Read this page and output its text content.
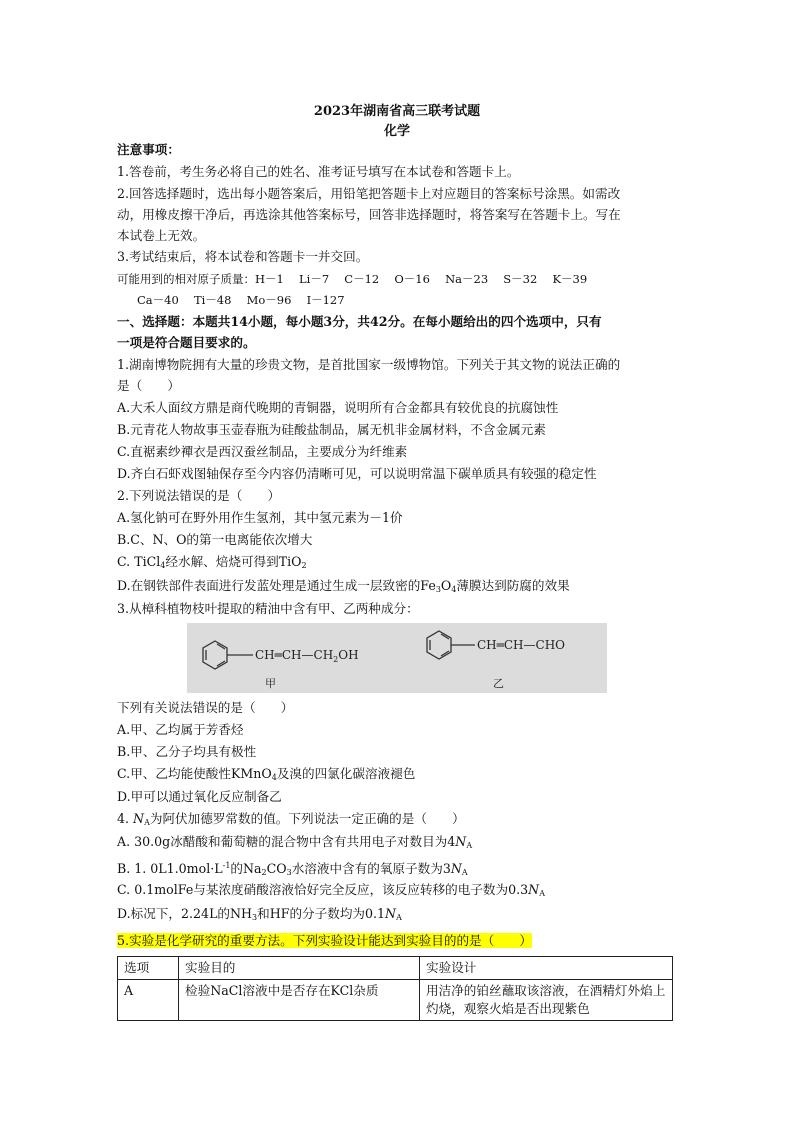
2023年湖南省高三联考试题
化学
注意事项：
1.答卷前，考生务必将自己的姓名、准考证号填写在本试卷和答题卡上。
2.回答选择题时，选出每小题答案后，用铅笔把答题卡上对应题目的答案标号涂黑。如需改
动，用橡皮擦干净后，再选涂其他答案标号，回答非选择题时，将答案写在答题卡上。写在
本试卷上无效。
3.考试结束后，将本试卷和答题卡一并交回。
可能用到的相对原子质量：H－1　 Li－7　 C－12　 O－16　 Na－23　 S－32　 K－39
Ca－40　 Ti－48　 Mo－96　 I－127
一、选择题：本题共14小题，每小题3分，共42分。在每小题给出的四个选项中，只有
一项是符合题目要求的。
1.湖南博物院拥有大量的珍贵文物，是首批国家一级博物馆。下列关于其文物的说法正确的
是（　　）
A.大禾人面纹方鼎是商代晚期的青铜器，说明所有合金都具有较优良的抗腐蚀性
B.元青花人物故事玉壶春瓶为硅酸盐制品，属无机非金属材料，不含金属元素
C.直裾素纱襌衣是西汉蚕丝制品，主要成分为纤维素
D.齐白石虾戏图轴保存至今内容仍清晰可见，可以说明常温下碳单质具有较强的稳定性
2.下列说法错误的是（　　）
A.氢化钠可在野外用作生氢剂，其中氢元素为－1价
B.C、N、O的第一电离能依次增大
C. TiCl$_4$经水解、焙烧可得到TiO$_2$
D.在钢铁部件表面进行发蓝处理是通过生成一层致密的$Fe_3O_4$薄膜达到防腐的效果
3.从樟科植物枝叶提取的精油中含有甲、乙两种成分：
$CH═CH—CH_2OH$
甲
CH═CH—CHO
乙
下列有关说法错误的是（　　）
A.甲、乙均属于芳香烃
B.甲、乙分子均具有极性
C.甲、乙均能使酸性KMnO$_4$及溴的四氯化碳溶液褪色
D.甲可以通过氧化反应制备乙
4. $N_A$为阿伏加德罗常数的值。下列说法一定正确的是（　　）
A. 30.0g冰醋酸和葡萄糖的混合物中含有共用电子对数目为$4N_A$
B. 1. $0L1.0mol\cdot L^{-1}$的$Na_2CO_3$水溶液中含有的氧原子数为$3N_A$
C. 0.1molFe与某浓度硝酸溶液恰好完全反应，该反应转移的电子数为$0.3N_A$
D.标况下，2.24L的$NH_3$和HF的分子数均为$0.1N_A$
5.实验是化学研究的重要方法。下列实验设计能达到实验目的的是（　　）
选项	实验目的	实验设计
A	检验NaCl溶液中是否存在KCl杂质	用洁净的铂丝蘸取该溶液，在酒精灯外焰上灼烧，观察火焰是否出现紫色
